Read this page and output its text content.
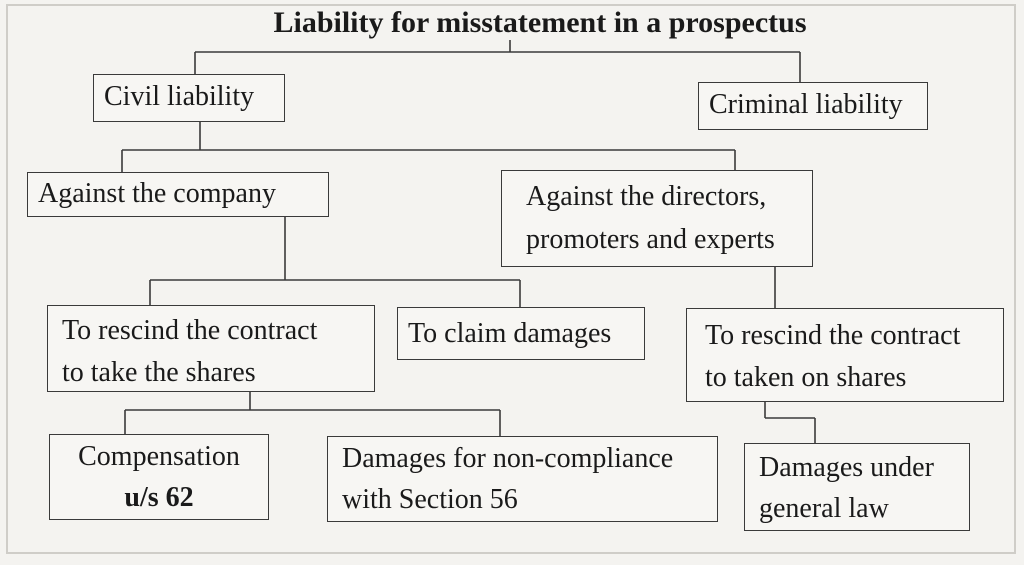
Liability for misstatement in a prospectus
Civil liability	Criminal liability
Against the company	Against the directors,
promoters and experts
To rescind the contract
to take the shares
To claim damages	To rescind the contract
to taken on shares
Compensation
u/s 62
Damages for non-compliance
with Section 56
Damages under
general law
